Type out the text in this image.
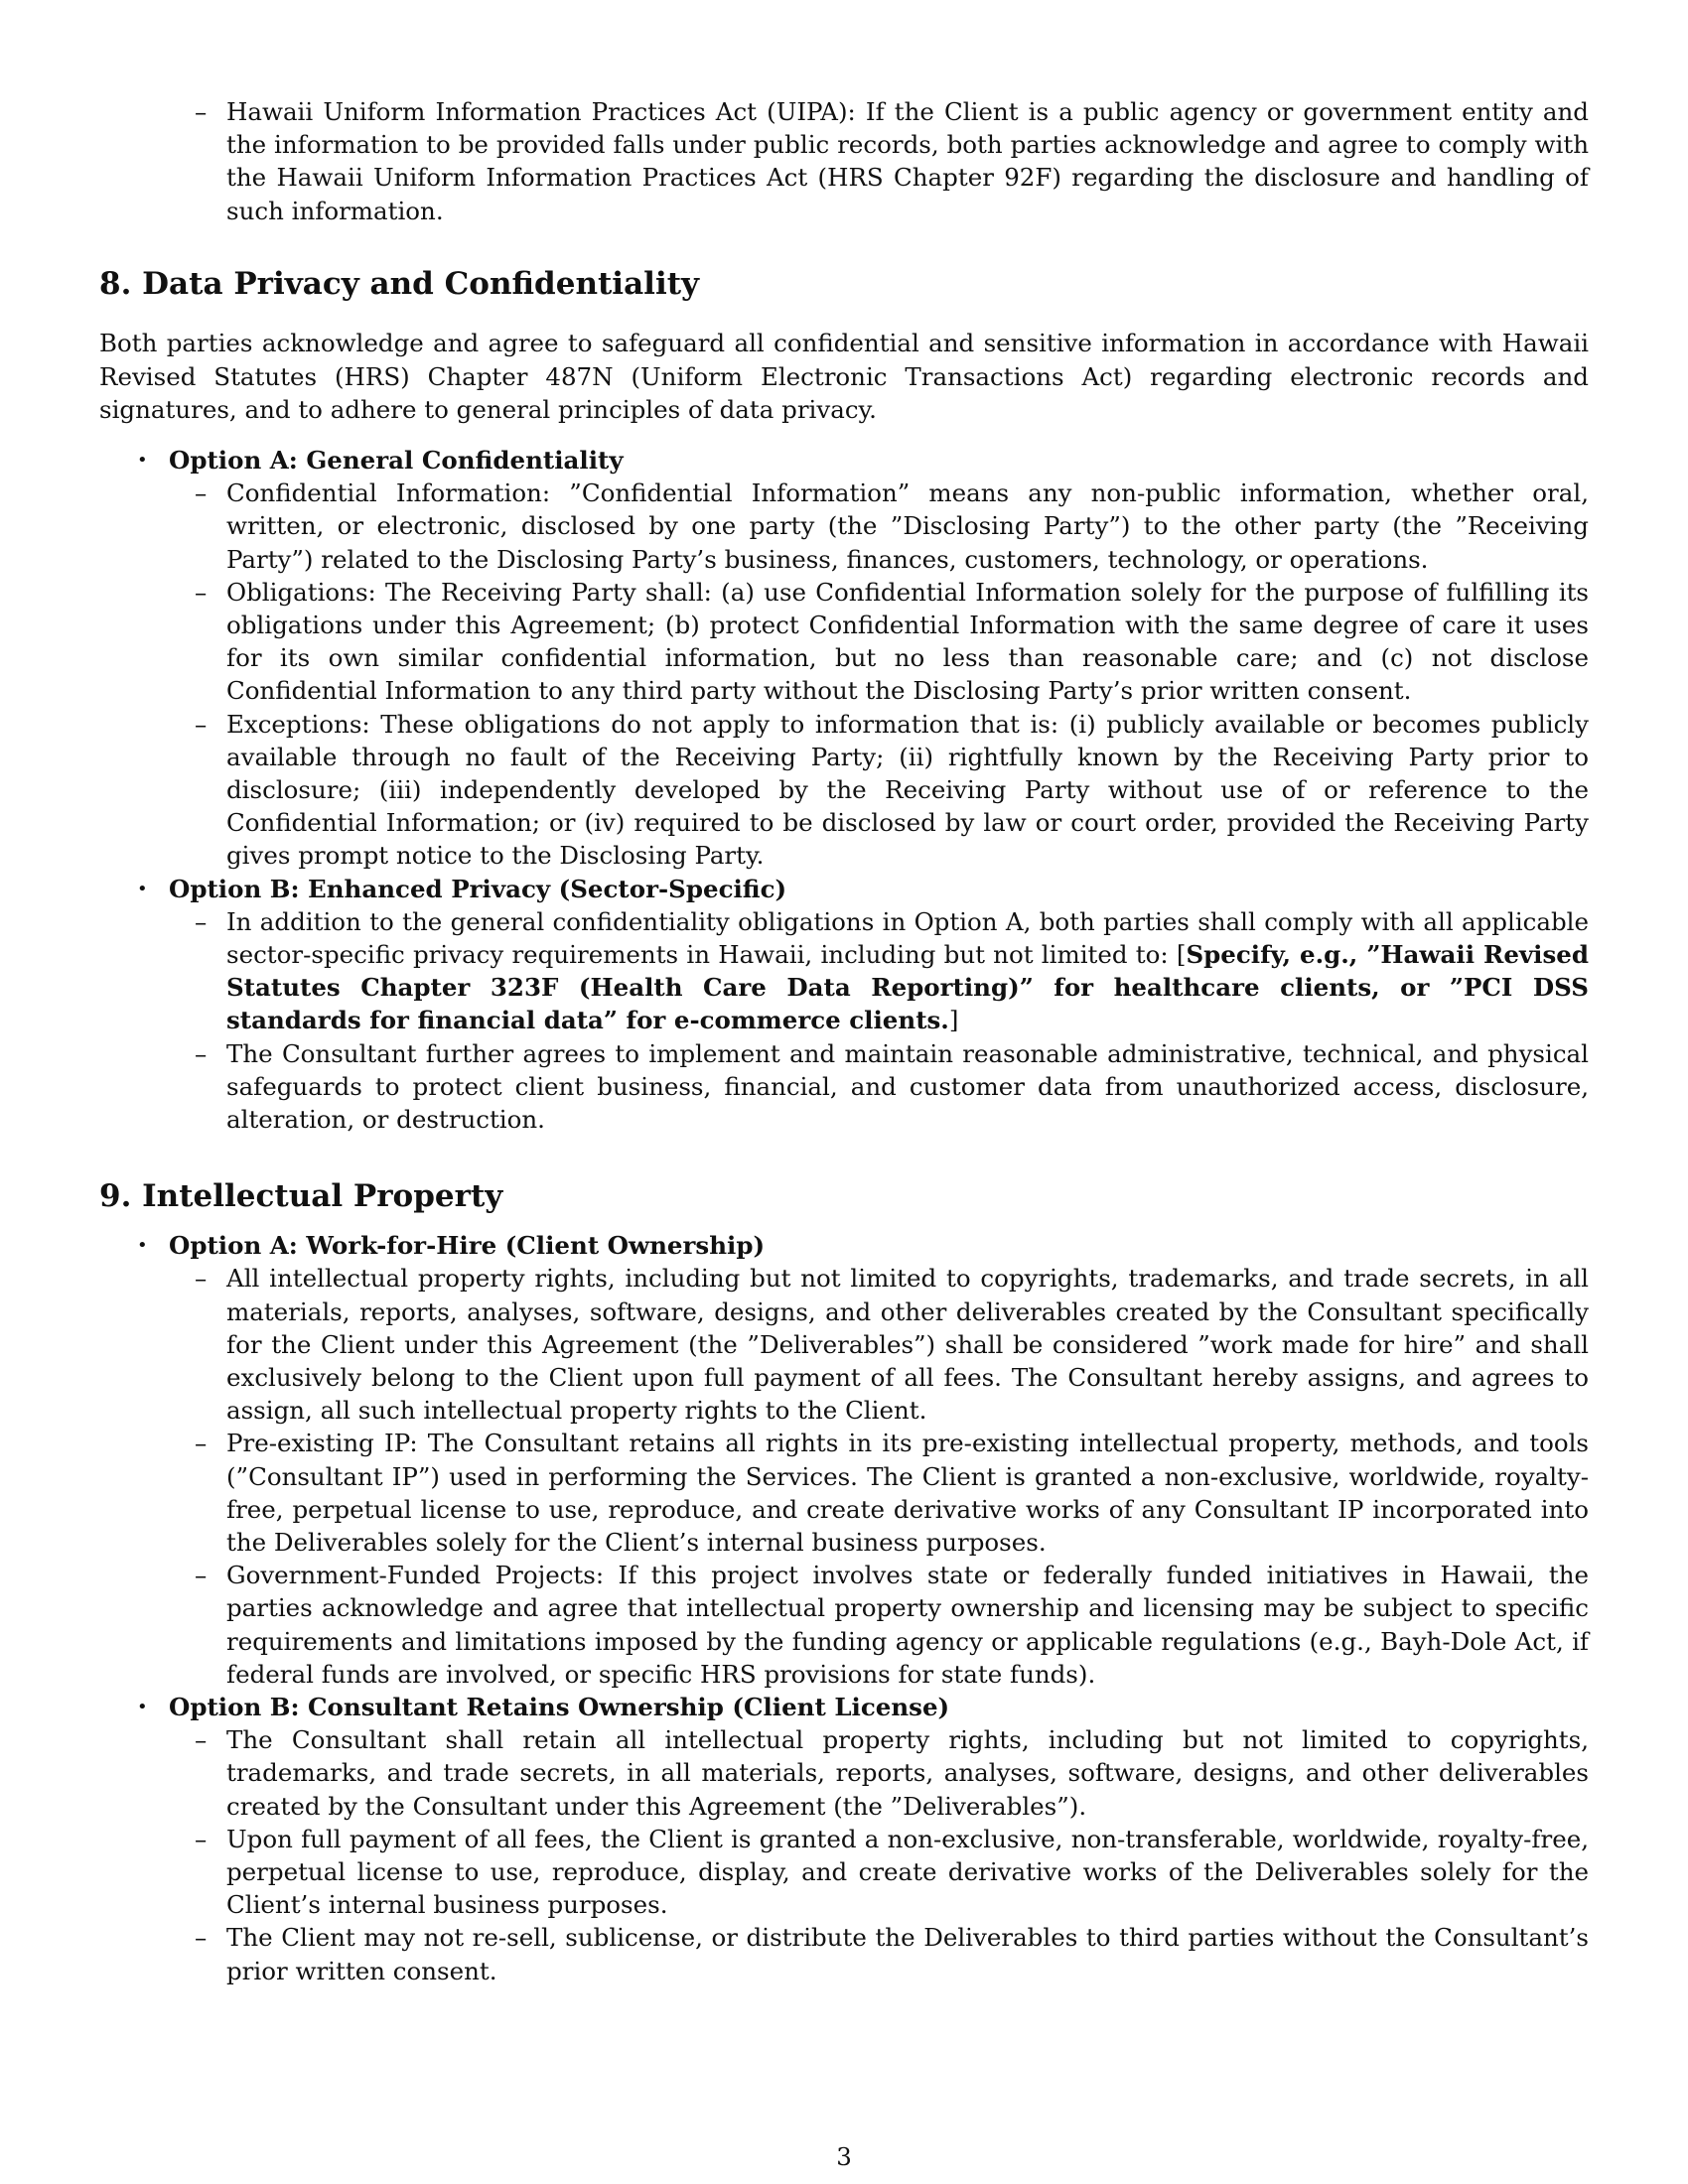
– Hawaii Uniform Information Practices Act (UIPA): If the Client is a public agency or government entity and the information to be provided falls under public records, both parties acknowledge and agree to comply with the Hawaii Uniform Information Practices Act (HRS Chapter 92F) regarding the disclosure and handling of such information.
8. Data Privacy and Confidentiality

Both parties acknowledge and agree to safeguard all confidential and sensitive information in accordance with Hawaii Revised Statutes (HRS) Chapter 487N (Uniform Electronic Transactions Act) regarding electronic records and signatures, and to adhere to general principles of data privacy.

• Option A: General Confidentiality
– Confidential Information: ”Confidential Information” means any non-public information, whether oral, written, or electronic, disclosed by one party (the ”Disclosing Party”) to the other party (the ”Receiving Party”) related to the Disclosing Party’s business, finances, customers, technology, or operations.
– Obligations: The Receiving Party shall: (a) use Confidential Information solely for the purpose of fulfilling its obligations under this Agreement; (b) protect Confidential Information with the same degree of care it uses for its own similar confidential information, but no less than reasonable care; and (c) not disclose Confidential Information to any third party without the Disclosing Party’s prior written consent.
– Exceptions: These obligations do not apply to information that is: (i) publicly available or becomes publicly available through no fault of the Receiving Party; (ii) rightfully known by the Receiving Party prior to disclosure; (iii) independently developed by the Receiving Party without use of or reference to the Confidential Information; or (iv) required to be disclosed by law or court order, provided the Receiving Party gives prompt notice to the Disclosing Party.
• Option B: Enhanced Privacy (Sector-Specific)
– In addition to the general confidentiality obligations in Option A, both parties shall comply with all applicable sector-specific privacy requirements in Hawaii, including but not limited to: [Specify, e.g., ”Hawaii Revised Statutes Chapter 323F (Health Care Data Reporting)” for healthcare clients, or ”PCI DSS standards for financial data” for e-commerce clients.]
– The Consultant further agrees to implement and maintain reasonable administrative, technical, and physical safeguards to protect client business, financial, and customer data from unauthorized access, disclosure, alteration, or destruction.
9. Intellectual Property
• Option A: Work-for-Hire (Client Ownership)
– All intellectual property rights, including but not limited to copyrights, trademarks, and trade secrets, in all materials, reports, analyses, software, designs, and other deliverables created by the Consultant specifically for the Client under this Agreement (the ”Deliverables”) shall be considered ”work made for hire” and shall exclusively belong to the Client upon full payment of all fees. The Consultant hereby assigns, and agrees to assign, all such intellectual property rights to the Client.
– Pre-existing IP: The Consultant retains all rights in its pre-existing intellectual property, methods, and tools (”Consultant IP”) used in performing the Services. The Client is granted a non-exclusive, worldwide, royalty-free, perpetual license to use, reproduce, and create derivative works of any Consultant IP incorporated into the Deliverables solely for the Client’s internal business purposes.
– Government-Funded Projects: If this project involves state or federally funded initiatives in Hawaii, the parties acknowledge and agree that intellectual property ownership and licensing may be subject to specific requirements and limitations imposed by the funding agency or applicable regulations (e.g., Bayh-Dole Act, if federal funds are involved, or specific HRS provisions for state funds).
• Option B: Consultant Retains Ownership (Client License)
– The Consultant shall retain all intellectual property rights, including but not limited to copyrights, trademarks, and trade secrets, in all materials, reports, analyses, software, designs, and other deliverables created by the Consultant under this Agreement (the ”Deliverables”).
– Upon full payment of all fees, the Client is granted a non-exclusive, non-transferable, worldwide, royalty-free, perpetual license to use, reproduce, display, and create derivative works of the Deliverables solely for the Client’s internal business purposes.
– The Client may not re-sell, sublicense, or distribute the Deliverables to third parties without the Consultant’s prior written consent.
3
